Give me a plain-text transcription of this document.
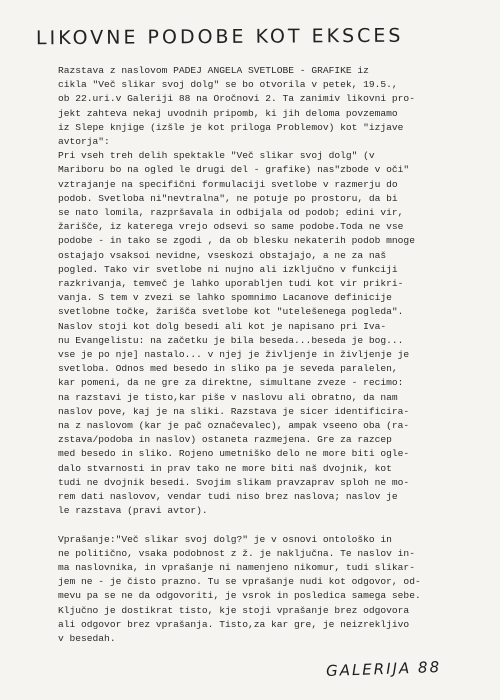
LIKOVNE PODOBE KOT EKSCES

Razstava z naslovom PADEJ ANGELA SVETLOBE - GRAFIKE iz
cikla "Več slikar svoj dolg" se bo otvorila v petek, 19.5.,
ob 22.uri.v Galeriji 88 na Oročnovi 2. Ta zanimiv likovni pro-
jekt zahteva nekaj uvodnih pripomb, ki jih deloma povzemamo
iz Slepe knjige (izšle je kot priloga Problemov) kot "izjave
avtorja":

Pri vseh treh delih spektakle "Več slikar svoj dolg" (v
Mariboru bo na ogled le drugi del - grafike) nas"zbode v oči"
vztrajanje na specifični formulaciji svetlobe v razmerju do
podob. Svetloba ni"nevtralna", ne potuje po prostoru, da bi
se nato lomila, razpršavala in odbijala od podob; edini vir,
žarišče, iz katerega vrejo odsevi so same podobe.Toda ne vse
podobe - in tako se zgodi , da ob blesku nekaterih podob mnoge
ostajajo vsaksoi nevidne, vseskozi obstajajo, a ne za naš
pogled. Tako vir svetlobe ni nujno ali izključno v funkciji
razkrivanja, temveč je lahko uporabljen tudi kot vir prikri-
vanja. S tem v zvezi se lahko spomnimo Lacanove definicije
svetlobne točke, žarišča svetlobe kot "utelešenega pogleda".

Naslov stoji kot dolg besedi ali kot je napisano pri Iva-
nu Evangelistu: na začetku je bila beseda...beseda je bog...
vse je po nje] nastalo... v njej je življenje in življenje je
svetloba. Odnos med besedo in sliko pa je seveda paralelen,
kar pomeni, da ne gre za direktne, simultane zveze - recimo:
na razstavi je tisto,kar piše v naslovu ali obratno, da nam
naslov pove, kaj je na sliki. Razstava je sicer identificira-
na z naslovom (kar je pač označevalec), ampak vseeno oba (ra-
zstava/podoba in naslov) ostaneta razmejena. Gre za razcep
med besedo in sliko. Rojeno umetniško delo ne more biti ogle-
dalo stvarnosti in prav tako ne more biti naš dvojnik, kot
tudi ne dvojnik besedi. Svojim slikam pravzaprav sploh ne mo-
rem dati naslovov, vendar tudi niso brez naslova; naslov je
le razstava (pravi avtor).

Vprašanje:"Več slikar svoj dolg?" je v osnovi ontološko in
ne politično, vsaka podobnost z ž. je naključna. Te naslov in-
ma naslovnika, in vprašanje ni namenjeno nikomur, tudi slikar-
jem ne - je čisto prazno. Tu se vprašanje nudi kot odgovor, od-
mevu pa se ne da odgovoriti, je vsrok in posledica samega sebe.
Ključno je dostikrat tisto, kje stoji vprašanje brez odgovora
ali odgovor brez vprašanja. Tisto,za kar gre, je neizrekljivo
v besedah.

GALERIJA 88
